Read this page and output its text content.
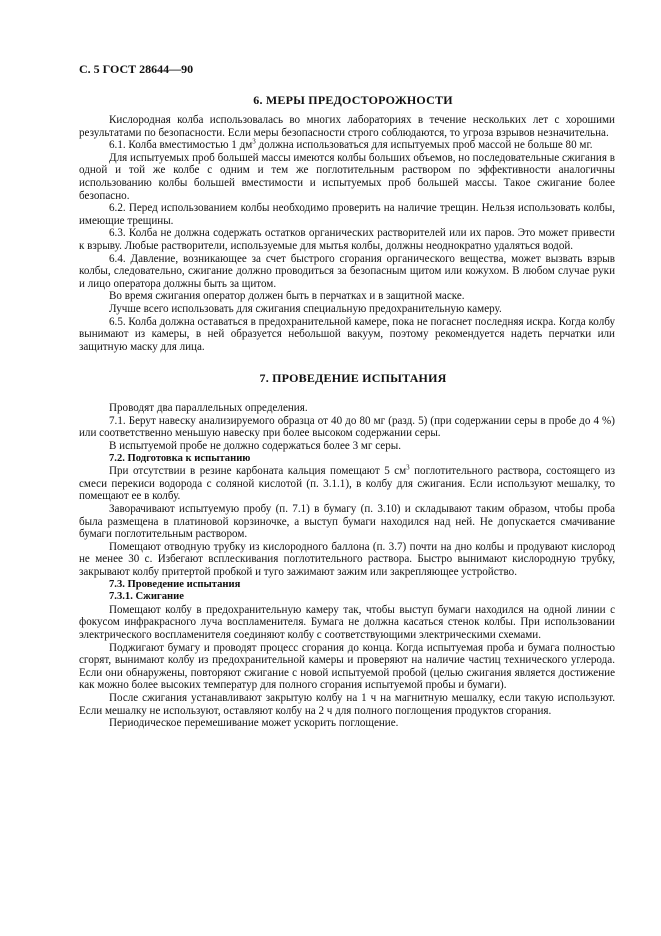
С. 5 ГОСТ 28644—90
6. МЕРЫ ПРЕДОСТОРОЖНОСТИ

Кислородная колба использовалась во многих лабораториях в течение нескольких лет с хорошими результатами по безопасности. Если меры безопасности строго соблюдаются, то угроза взрывов незначительна.

6.1. Колба вместимостью 1 $дм^3$ должна использоваться для испытуемых проб массой не больше 80 мг.

Для испытуемых проб большей массы имеются колбы больших объемов, но последовательные сжигания в одной и той же колбе с одним и тем же поглотительным раствором по эффективности аналогичны использованию колбы большей вместимости и испытуемых проб большей массы. Такое сжигание более безопасно.

6.2. Перед использованием колбы необходимо проверить на наличие трещин. Нельзя использовать колбы, имеющие трещины.

6.3. Колба не должна содержать остатков органических растворителей или их паров. Это может привести к взрыву. Любые растворители, используемые для мытья колбы, должны неоднократно удаляться водой.

6.4. Давление, возникающее за счет быстрого сгорания органического вещества, может вызвать взрыв колбы, следовательно, сжигание должно проводиться за безопасным щитом или кожухом. В любом случае руки и лицо оператора должны быть за щитом.

Во время сжигания оператор должен быть в перчатках и в защитной маске.

Лучше всего использовать для сжигания специальную предохранительную камеру.

6.5. Колба должна оставаться в предохранительной камере, пока не погаснет последняя искра. Когда колбу вынимают из камеры, в ней образуется небольшой вакуум, поэтому рекомендуется надеть перчатки или защитную маску для лица.

7. ПРОВЕДЕНИЕ ИСПЫТАНИЯ

Проводят два параллельных определения.

7.1. Берут навеску анализируемого образца от 40 до 80 мг (разд. 5) (при содержании серы в пробе до 4 %) или соответственно меньшую навеску при более высоком содержании серы.

В испытуемой пробе не должно содержаться более 3 мг серы.

7.2. Подготовка к испытанию

При отсутствии в резине карбоната кальция помещают 5 $см^3$ поглотительного раствора, состоящего из смеси перекиси водорода с соляной кислотой (п. 3.1.1), в колбу для сжигания. Если используют мешалку, то помещают ее в колбу.

Заворачивают испытуемую пробу (п. 7.1) в бумагу (п. 3.10) и складывают таким образом, чтобы проба была размещена в платиновой корзиночке, а выступ бумаги находился над ней. Не допускается смачивание бумаги поглотительным раствором.

Помещают отводную трубку из кислородного баллона (п. 3.7) почти на дно колбы и продувают кислород не менее 30 с. Избегают всплескивания поглотительного раствора. Быстро вынимают кислородную трубку, закрывают колбу притертой пробкой и туго зажимают зажим или закрепляющее устройство.

7.3. Проведение испытания

7.3.1. Сжигание

Помещают колбу в предохранительную камеру так, чтобы выступ бумаги находился на одной линии с фокусом инфракрасного луча воспламенителя. Бумага не должна касаться стенок колбы. При использовании электрического воспламенителя соединяют колбу с соответствующими электрическими схемами.

Поджигают бумагу и проводят процесс сгорания до конца. Когда испытуемая проба и бумага полностью сгорят, вынимают колбу из предохранительной камеры и проверяют на наличие частиц технического углерода. Если они обнаружены, повторяют сжигание с новой испытуемой пробой (целью сжигания является достижение как можно более высоких температур для полного сгорания испытуемой пробы и бумаги).

После сжигания устанавливают закрытую колбу на 1 ч на магнитную мешалку, если такую используют. Если мешалку не используют, оставляют колбу на 2 ч для полного поглощения продуктов сгорания.

Периодическое перемешивание может ускорить поглощение.
